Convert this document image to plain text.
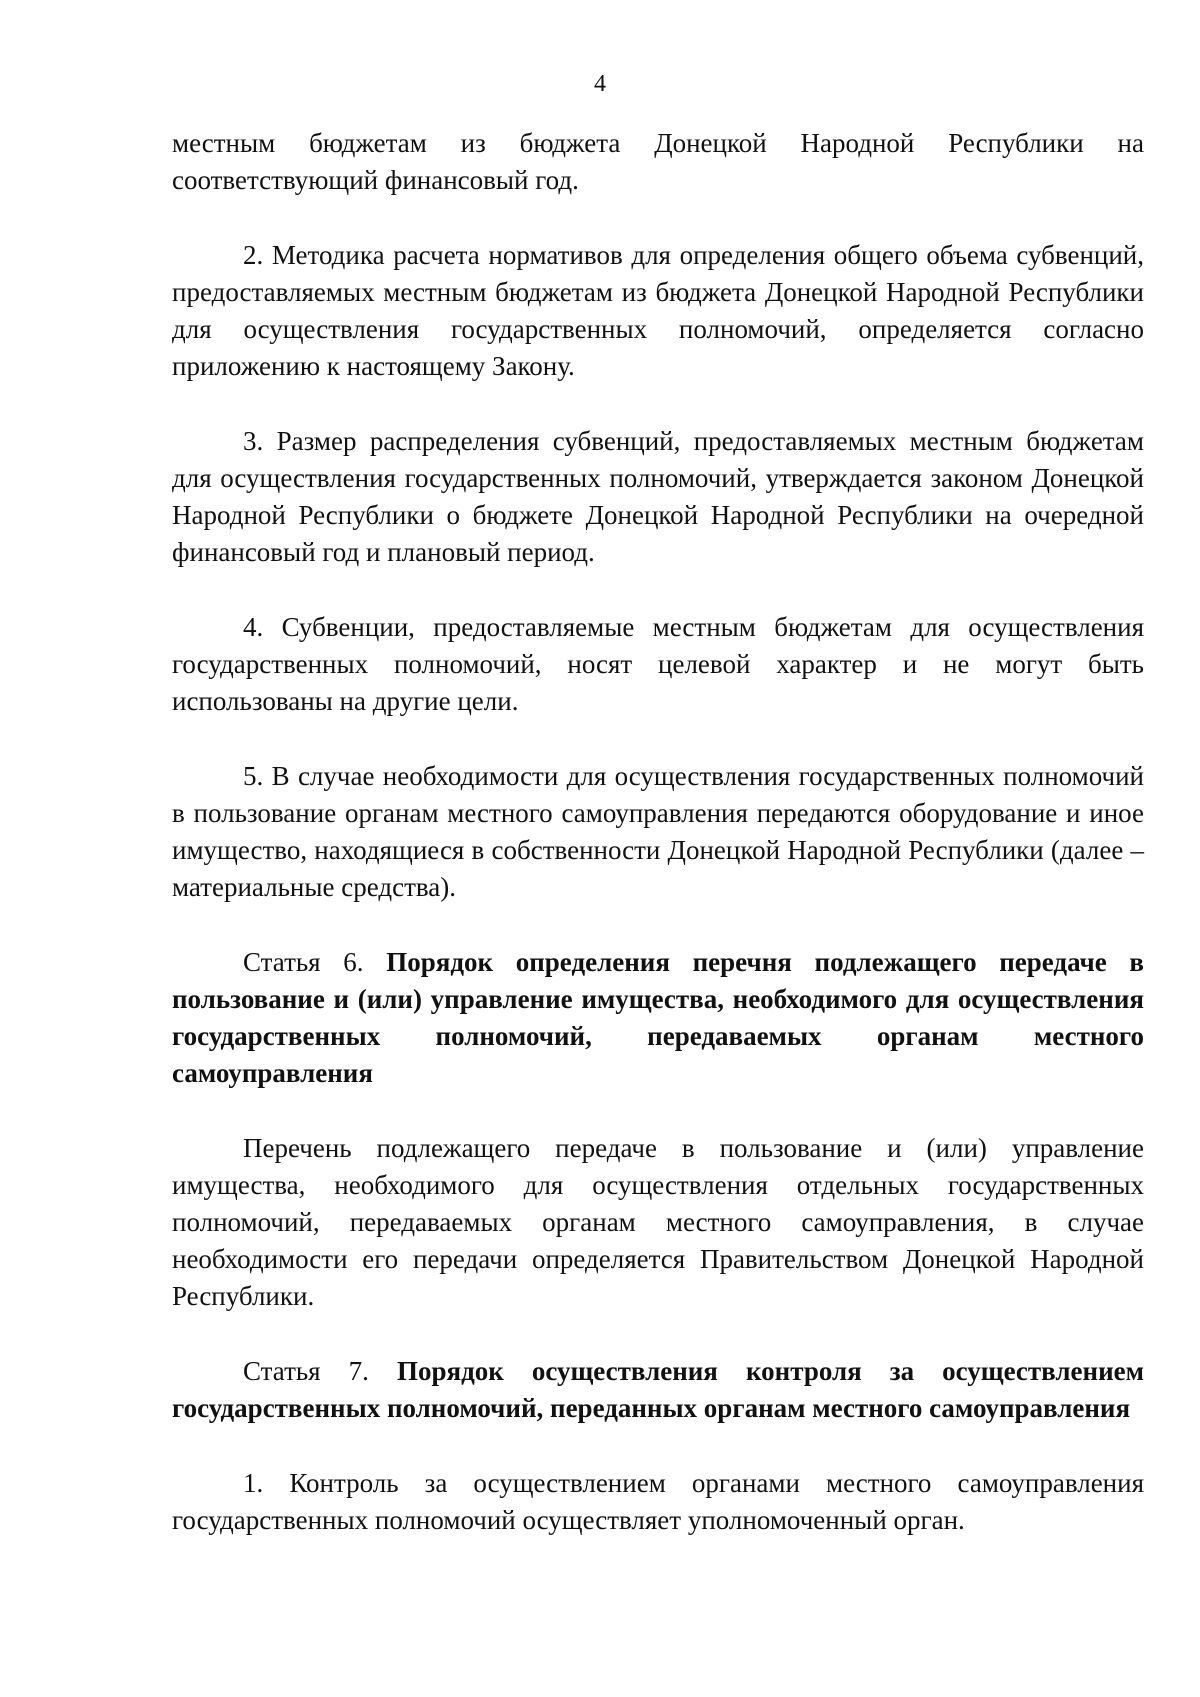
4

местным бюджетам из бюджета Донецкой Народной Республики на соответствующий финансовый год.

2. Методика расчета нормативов для определения общего объема субвенций, предоставляемых местным бюджетам из бюджета Донецкой Народной Республики для осуществления государственных полномочий, определяется согласно приложению к настоящему Закону.

3. Размер распределения субвенций, предоставляемых местным бюджетам для осуществления государственных полномочий, утверждается законом Донецкой Народной Республики о бюджете Донецкой Народной Республики на очередной финансовый год и плановый период.

4. Субвенции, предоставляемые местным бюджетам для осуществления государственных полномочий, носят целевой характер и не могут быть использованы на другие цели.

5. В случае необходимости для осуществления государственных полномочий в пользование органам местного самоуправления передаются оборудование и иное имущество, находящиеся в собственности Донецкой Народной Республики (далее – материальные средства).

Статья 6. Порядок определения перечня подлежащего передаче в пользование и (или) управление имущества, необходимого для осуществления государственных полномочий, передаваемых органам местного самоуправления

Перечень подлежащего передаче в пользование и (или) управление имущества, необходимого для осуществления отдельных государственных полномочий, передаваемых органам местного самоуправления, в случае необходимости его передачи определяется Правительством Донецкой Народной Республики.

Статья 7. Порядок осуществления контроля за осуществлением государственных полномочий, переданных органам местного самоуправления

1. Контроль за осуществлением органами местного самоуправления государственных полномочий осуществляет уполномоченный орган.
